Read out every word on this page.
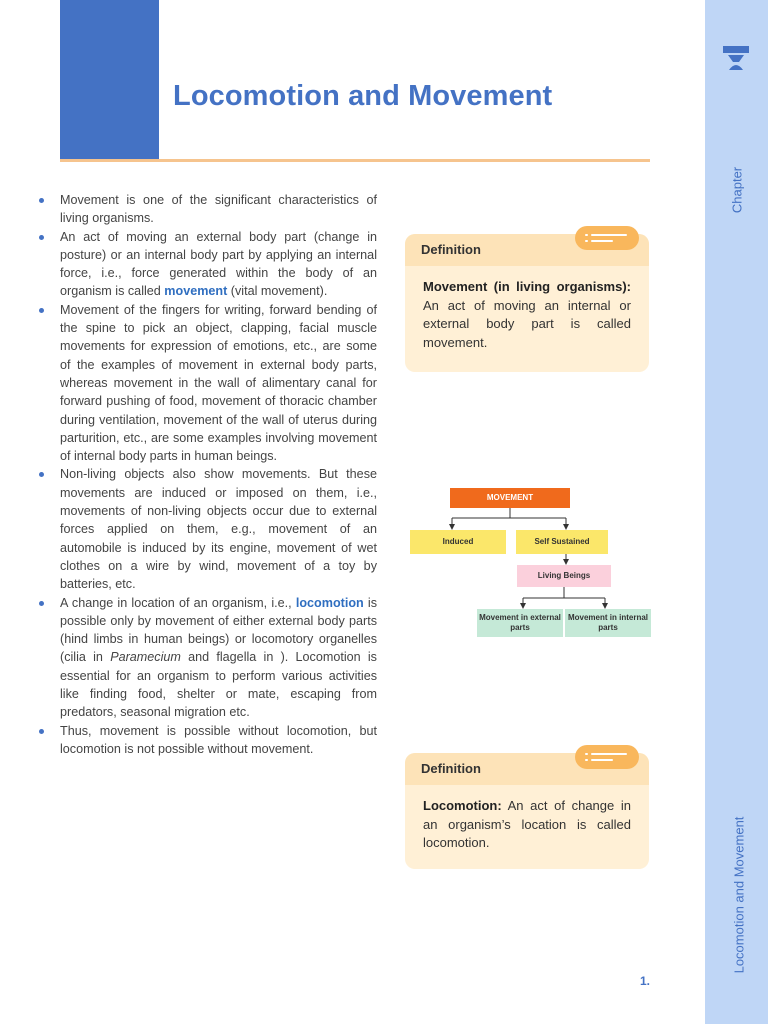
Locomotion and Movement
Chapter
Locomotion and Movement
Movement is one of the significant characteristics of living organisms.
An act of moving an external body part (change in posture) or an internal body part by applying an internal force, i.e., force generated within the body of an organism is called movement (vital movement).
Movement of the fingers for writing, forward bending of the spine to pick an object, clapping, facial muscle movements for expression of emotions, etc., are some of the examples of movement in external body parts, whereas movement in the wall of alimentary canal for forward pushing of food, movement of thoracic chamber during ventilation, movement of the wall of uterus during parturition, etc., are some examples involving movement of internal body parts in human beings.
Non-living objects also show movements. But these movements are induced or imposed on them, i.e., movements of non-living objects occur due to external forces applied on them, e.g., movement of an automobile is induced by its engine, movement of wet clothes on a wire by wind, movement of a toy by batteries, etc.
A change in location of an organism, i.e., locomotion is possible only by movement of either external body parts (hind limbs in human beings) or locomotory organelles (cilia in Paramecium and flagella in ). Locomotion is essential for an organism to perform various activities like finding food, shelter or mate, escaping from predators, seasonal migration etc.
Thus, movement is possible without locomotion, but locomotion is not possible without movement.
Definition
Movement (in living organisms): An act of moving an internal or external body part is called movement.
MOVEMENT
Induced	Self Sustained
Living Beings
Movement in external parts
Movement in internal parts
Definition
Locomotion: An act of change in an organism’s location is called locomotion.
1.
